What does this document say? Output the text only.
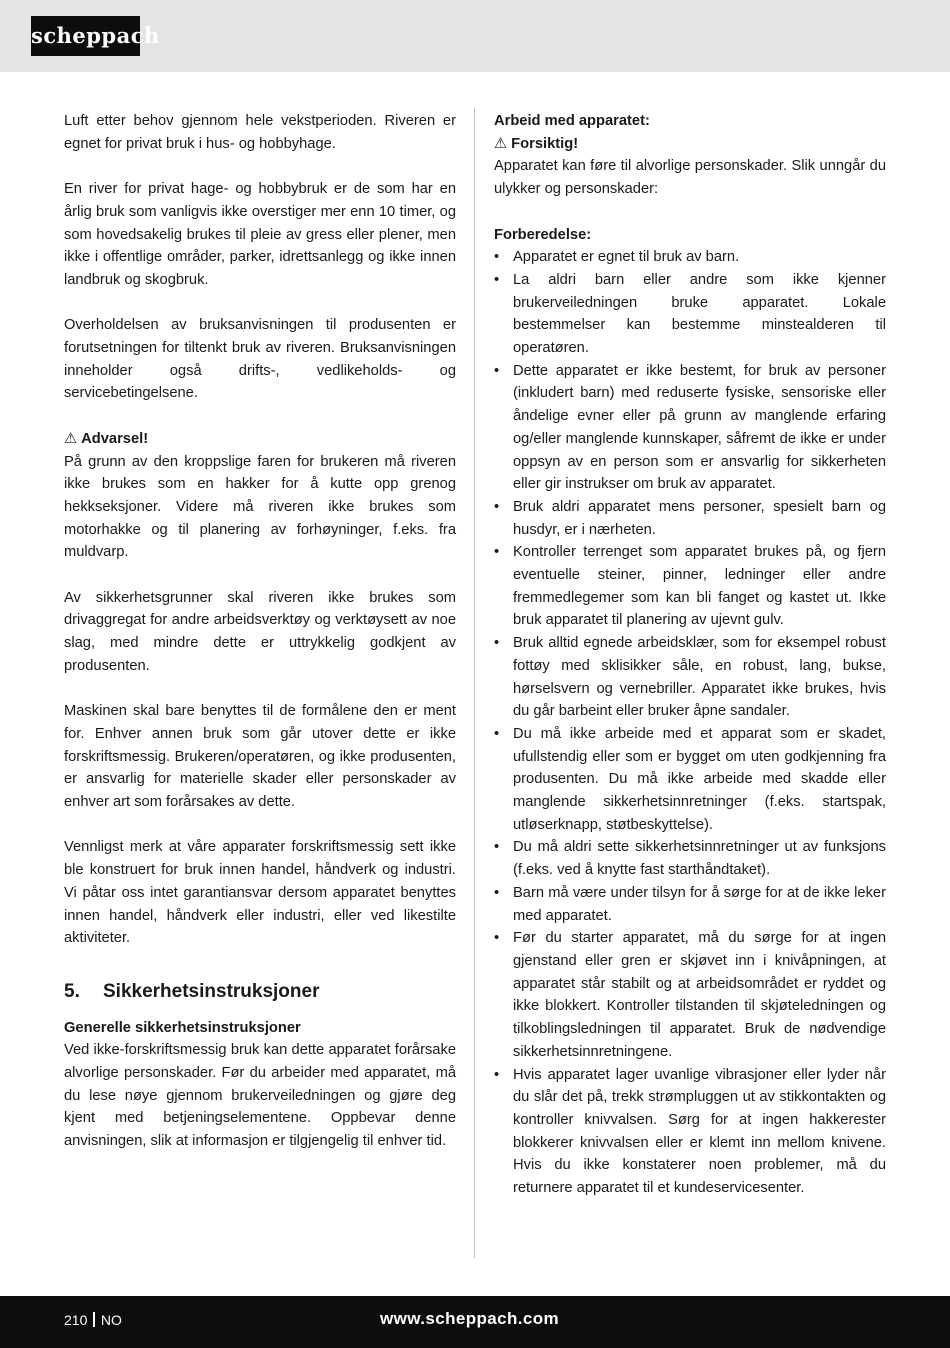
scheppach

Luft etter behov gjennom hele vekstperioden. Riveren er egnet for privat bruk i hus- og hobbyhage.

En river for privat hage- og hobbybruk er de som har en årlig bruk som vanligvis ikke overstiger mer enn 10 timer, og som hovedsakelig brukes til pleie av gress eller plener, men ikke i offentlige områder, parker, idrettsanlegg og ikke innen landbruk og skogbruk.

Overholdelsen av bruksanvisningen til produsenten er forutsetningen for tiltenkt bruk av riveren. Bruksanvisningen inneholder også drifts-, vedlikeholds- og servicebetingelsene.

⚠ Advarsel!

På grunn av den kroppslige faren for brukeren må riveren ikke brukes som en hakker for å kutte opp grenog hekkseksjoner. Videre må riveren ikke brukes som motorhakke og til planering av forhøyninger, f.eks. fra muldvarp.

Av sikkerhetsgrunner skal riveren ikke brukes som drivaggregat for andre arbeidsverktøy og verktøysett av noe slag, med mindre dette er uttrykkelig godkjent av produsenten.

Maskinen skal bare benyttes til de formålene den er ment for. Enhver annen bruk som går utover dette er ikke forskriftsmessig. Brukeren/operatøren, og ikke produsenten, er ansvarlig for materielle skader eller personskader av enhver art som forårsakes av dette.

Vennligst merk at våre apparater forskriftsmessig sett ikke ble konstruert for bruk innen handel, håndverk og industri. Vi påtar oss intet garantiansvar dersom apparatet benyttes innen handel, håndverk eller industri, eller ved likestilte aktiviteter.

5. Sikkerhetsinstruksjoner

Generelle sikkerhetsinstruksjoner

Ved ikke-forskriftsmessig bruk kan dette apparatet forårsake alvorlige personskader. Før du arbeider med apparatet, må du lese nøye gjennom brukerveiledningen og gjøre deg kjent med betjeningselementene. Oppbevar denne anvisningen, slik at informasjon er tilgjengelig til enhver tid.

Arbeid med apparatet:

⚠ Forsiktig!

Apparatet kan føre til alvorlige personskader. Slik unngår du ulykker og personskader:

Forberedelse:

• Apparatet er egnet til bruk av barn.
• La aldri barn eller andre som ikke kjenner brukerveiledningen bruke apparatet. Lokale bestemmelser kan bestemme minstealderen til operatøren.
• Dette apparatet er ikke bestemt, for bruk av personer (inkludert barn) med reduserte fysiske, sensoriske eller åndelige evner eller på grunn av manglende erfaring og/eller manglende kunnskaper, såfremt de ikke er under oppsyn av en person som er ansvarlig for sikkerheten eller gir instrukser om bruk av apparatet.
• Bruk aldri apparatet mens personer, spesielt barn og husdyr, er i nærheten.
• Kontroller terrenget som apparatet brukes på, og fjern eventuelle steiner, pinner, ledninger eller andre fremmedlegemer som kan bli fanget og kastet ut. Ikke bruk apparatet til planering av ujevnt gulv.
• Bruk alltid egnede arbeidsklær, som for eksempel robust fottøy med sklisikker såle, en robust, lang, bukse, hørselsvern og vernebriller. Apparatet ikke brukes, hvis du går barbeint eller bruker åpne sandaler.
• Du må ikke arbeide med et apparat som er skadet, ufullstendig eller som er bygget om uten godkjenning fra produsenten. Du må ikke arbeide med skadde eller manglende sikkerhetsinnretninger (f.eks. startspak, utløserknapp, støtbeskyttelse).
• Du må aldri sette sikkerhetsinnretninger ut av funksjons (f.eks. ved å knytte fast starthåndtaket).
• Barn må være under tilsyn for å sørge for at de ikke leker med apparatet.
• Før du starter apparatet, må du sørge for at ingen gjenstand eller gren er skjøvet inn i knivåpningen, at apparatet står stabilt og at arbeidsområdet er ryddet og ikke blokkert. Kontroller tilstanden til skjøteledningen og tilkoblingsledningen til apparatet. Bruk de nødvendige sikkerhetsinnretningene.
• Hvis apparatet lager uvanlige vibrasjoner eller lyder når du slår det på, trekk strømpluggen ut av stikkontakten og kontroller knivvalsen. Sørg for at ingen hakkerester blokkerer knivvalsen eller er klemt inn mellom knivene. Hvis du ikke konstaterer noen problemer, må du returnere apparatet til et kundeservicesenter.
210 NO	www.scheppach.com
